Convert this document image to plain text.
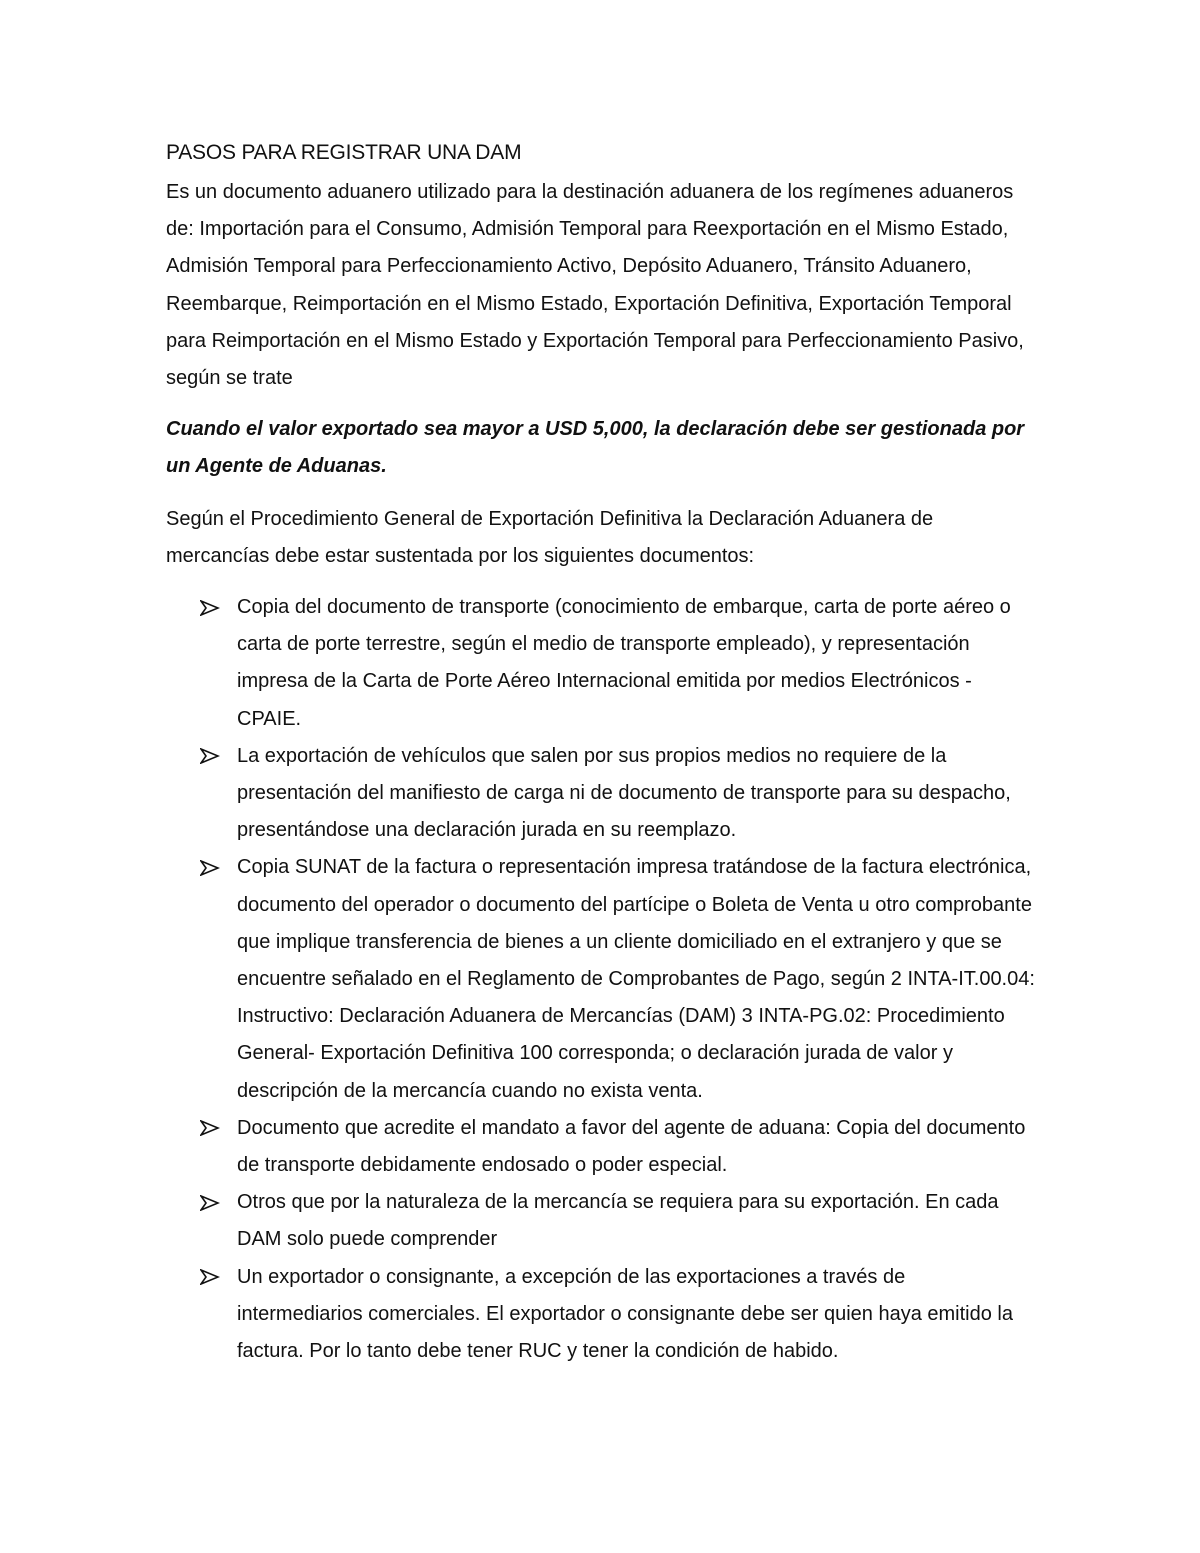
PASOS PARA REGISTRAR UNA DAM

Es un documento aduanero utilizado para la destinación aduanera de los regímenes aduaneros de: Importación para el Consumo, Admisión Temporal para Reexportación en el Mismo Estado, Admisión Temporal para Perfeccionamiento Activo, Depósito Aduanero, Tránsito Aduanero, Reembarque, Reimportación en el Mismo Estado, Exportación Definitiva, Exportación Temporal para Reimportación en el Mismo Estado y Exportación Temporal para Perfeccionamiento Pasivo, según se trate

Cuando el valor exportado sea mayor a USD 5,000, la declaración debe ser gestionada por un Agente de Aduanas.

Según el Procedimiento General de Exportación Definitiva la Declaración Aduanera de mercancías debe estar sustentada por los siguientes documentos:

Copia del documento de transporte (conocimiento de embarque, carta de porte aéreo o carta de porte terrestre, según el medio de transporte empleado), y representación impresa de la Carta de Porte Aéreo Internacional emitida por medios Electrónicos - CPAIE.
La exportación de vehículos que salen por sus propios medios no requiere de la presentación del manifiesto de carga ni de documento de transporte para su despacho, presentándose una declaración jurada en su reemplazo.
Copia SUNAT de la factura o representación impresa tratándose de la factura electrónica, documento del operador o documento del partícipe o Boleta de Venta u otro comprobante que implique transferencia de bienes a un cliente domiciliado en el extranjero y que se encuentre señalado en el Reglamento de Comprobantes de Pago, según 2 INTA-IT.00.04: Instructivo: Declaración Aduanera de Mercancías (DAM) 3 INTA-PG.02: Procedimiento General- Exportación Definitiva 100 corresponda; o declaración jurada de valor y descripción de la mercancía cuando no exista venta.
Documento que acredite el mandato a favor del agente de aduana: Copia del documento de transporte debidamente endosado o poder especial.
Otros que por la naturaleza de la mercancía se requiera para su exportación. En cada DAM solo puede comprender
Un exportador o consignante, a excepción de las exportaciones a través de intermediarios comerciales. El exportador o consignante debe ser quien haya emitido la factura. Por lo tanto debe tener RUC y tener la condición de habido.
